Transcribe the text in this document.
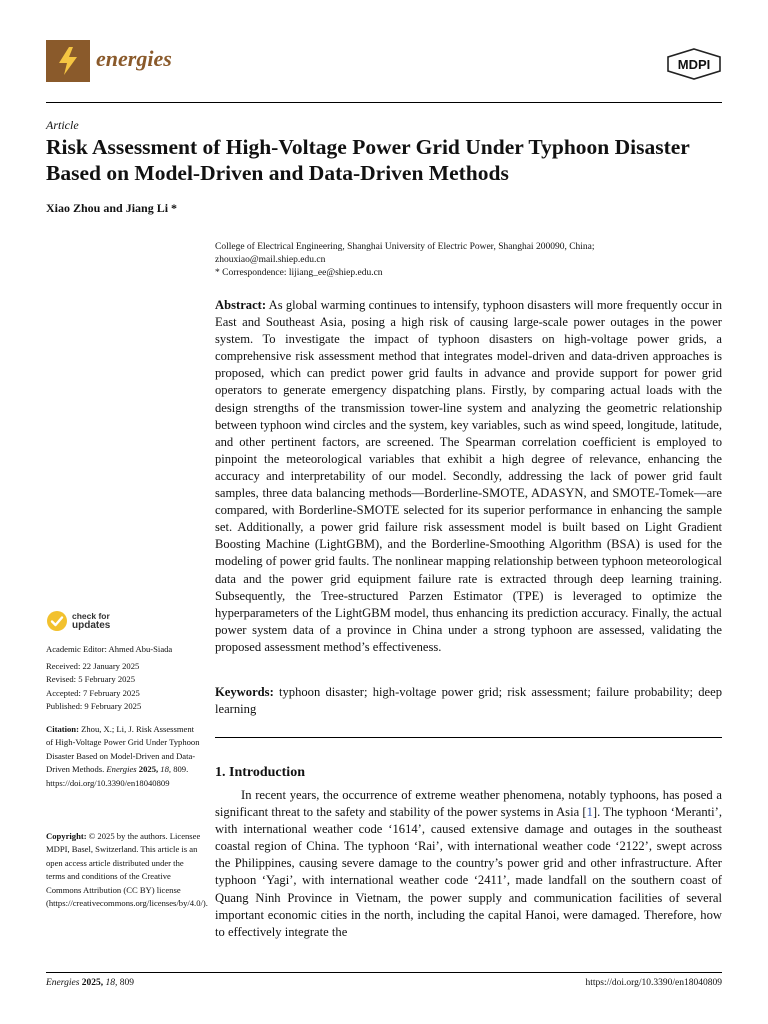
energies	MDPI
Article
Risk Assessment of High-Voltage Power Grid Under Typhoon Disaster Based on Model-Driven and Data-Driven Methods
Xiao Zhou and Jiang Li *
College of Electrical Engineering, Shanghai University of Electric Power, Shanghai 200090, China;
zhouxiao@mail.shiep.edu.cn
* Correspondence: lijiang_ee@shiep.edu.cn
Abstract: As global warming continues to intensify, typhoon disasters will more frequently occur in East and Southeast Asia, posing a high risk of causing large-scale power outages in the power system. To investigate the impact of typhoon disasters on high-voltage power grids, a comprehensive risk assessment method that integrates model-driven and data-driven approaches is proposed, which can predict power grid faults in advance and provide support for power grid operators to generate emergency dispatching plans. Firstly, by comparing actual loads with the design strengths of the transmission tower-line system and analyzing the geometric relationship between typhoon wind circles and the system, key variables, such as wind speed, longitude, latitude, and other pertinent factors, are screened. The Spearman correlation coefficient is employed to pinpoint the meteorological variables that exhibit a high degree of relevance, enhancing the accuracy and interpretability of our model. Secondly, addressing the lack of power grid fault samples, three data balancing methods—Borderline-SMOTE, ADASYN, and SMOTE-Tomek—are compared, with Borderline-SMOTE selected for its superior performance in enhancing the sample set. Additionally, a power grid failure risk assessment model is built based on Light Gradient Boosting Machine (LightGBM), and the Borderline-Smoothing Algorithm (BSA) is used for the modeling of power grid faults. The nonlinear mapping relationship between typhoon meteorological data and the power grid equipment failure rate is extracted through deep learning training. Subsequently, the Tree-structured Parzen Estimator (TPE) is leveraged to optimize the hyperparameters of the LightGBM model, thus enhancing its prediction accuracy. Finally, the actual power system data of a province in China under a strong typhoon are assessed, validating the proposed assessment method’s effectiveness.
Keywords: typhoon disaster; high-voltage power grid; risk assessment; failure probability; deep learning
1. Introduction
In recent years, the occurrence of extreme weather phenomena, notably typhoons, has posed a significant threat to the safety and stability of the power systems in Asia [1]. The typhoon ‘Meranti’, with international weather code ‘1614’, caused extensive damage and outages in the southeast coastal region of China. The typhoon ‘Rai’, with international weather code ‘2122’, swept across the Philippines, causing severe damage to the country’s power grid and other infrastructure. After typhoon ‘Yagi’, with international weather code ‘2411’, made landfall on the southern coast of Quang Ninh Province in Vietnam, the power supply and communication facilities of several important economic cities in the north, including the capital Hanoi, were damaged. Therefore, how to effectively integrate the
check for
updates
Academic Editor: Ahmed Abu-Siada
Received: 22 January 2025
Revised: 5 February 2025
Accepted: 7 February 2025
Published: 9 February 2025
Citation: Zhou, X.; Li, J. Risk Assessment of High-Voltage Power Grid Under Typhoon Disaster Based on Model-Driven and Data-Driven Methods. Energies 2025, 18, 809. https://doi.org/10.3390/en18040809
Copyright: © 2025 by the authors. Licensee MDPI, Basel, Switzerland. This article is an open access article distributed under the terms and conditions of the Creative Commons Attribution (CC BY) license (https://creativecommons.org/licenses/by/4.0/).
Energies 2025, 18, 809	https://doi.org/10.3390/en18040809
